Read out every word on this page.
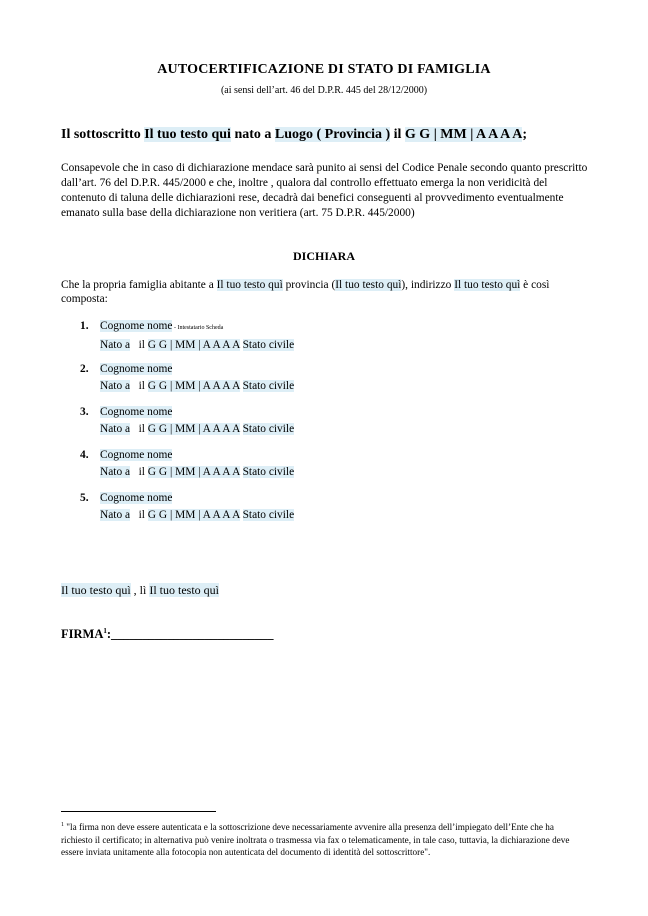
AUTOCERTIFICAZIONE DI STATO DI FAMIGLIA
(ai sensi dell’art. 46 del D.P.R. 445 del 28/12/2000)
Il sottoscritto Il tuo testo qui nato a Luogo ( Provincia ) il G G | MM | A A A A;
Consapevole che in caso di dichiarazione mendace sarà punito ai sensi del Codice Penale secondo quanto prescritto dall’art. 76 del D.P.R. 445/2000 e che, inoltre , qualora dal controllo effettuato emerga la non veridicità del contenuto di taluna delle dichiarazioni rese, decadrà dai benefici conseguenti al provvedimento eventualmente emanato sulla base della dichiarazione non veritiera (art. 75 D.P.R. 445/2000)
DICHIARA
Che la propria famiglia abitante a Il tuo testo quì provincia (Il tuo testo quì), indirizzo Il tuo testo quì è così composta:
1. Cognome nome - Intestatario Scheda
Nato a il G G | MM | A A A A Stato civile
2. Cognome nome
Nato a il G G | MM | A A A A Stato civile
3. Cognome nome
Nato a il G G | MM | A A A A Stato civile
4. Cognome nome
Nato a il G G | MM | A A A A Stato civile
5. Cognome nome
Nato a il G G | MM | A A A A Stato civile
Il tuo testo quì , lì Il tuo testo quì
FIRMA$^1$:__________________________
$^1$ "la firma non deve essere autenticata e la sottoscrizione deve necessariamente avvenire alla presenza dell’impiegato dell’Ente che ha richiesto il certificato; in alternativa può venire inoltrata o trasmessa via fax o telematicamente, in tale caso, tuttavia, la dichiarazione deve essere inviata unitamente alla fotocopia non autenticata del documento di identità del sottoscrittore".
